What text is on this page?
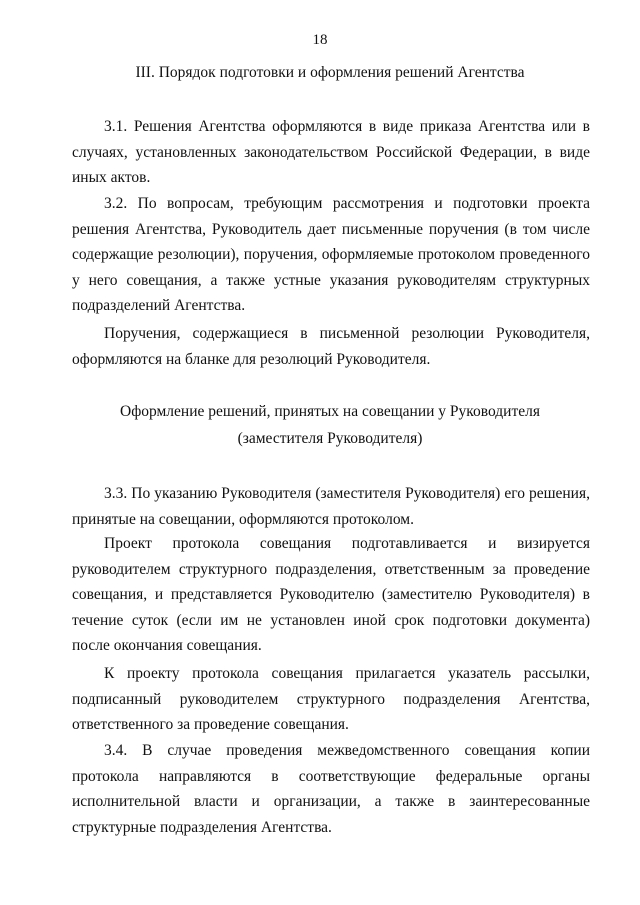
18
III. Порядок подготовки и оформления решений Агентства

3.1. Решения Агентства оформляются в виде приказа Агентства или в случаях, установленных законодательством Российской Федерации, в виде иных актов.

3.2. По вопросам, требующим рассмотрения и подготовки проекта решения Агентства, Руководитель дает письменные поручения (в том числе содержащие резолюции), поручения, оформляемые протоколом проведенного у него совещания, а также устные указания руководителям структурных подразделений Агентства.

Поручения, содержащиеся в письменной резолюции Руководителя, оформляются на бланке для резолюций Руководителя.

Оформление решений, принятых на совещании у Руководителя
(заместителя Руководителя)

3.3. По указанию Руководителя (заместителя Руководителя) его решения, принятые на совещании, оформляются протоколом.

Проект протокола совещания подготавливается и визируется руководителем структурного подразделения, ответственным за проведение совещания, и представляется Руководителю (заместителю Руководителя) в течение суток (если им не установлен иной срок подготовки документа) после окончания совещания.

К проекту протокола совещания прилагается указатель рассылки, подписанный руководителем структурного подразделения Агентства, ответственного за проведение совещания.

3.4. В случае проведения межведомственного совещания копии протокола направляются в соответствующие федеральные органы исполнительной власти и организации, а также в заинтересованные структурные подразделения Агентства.
